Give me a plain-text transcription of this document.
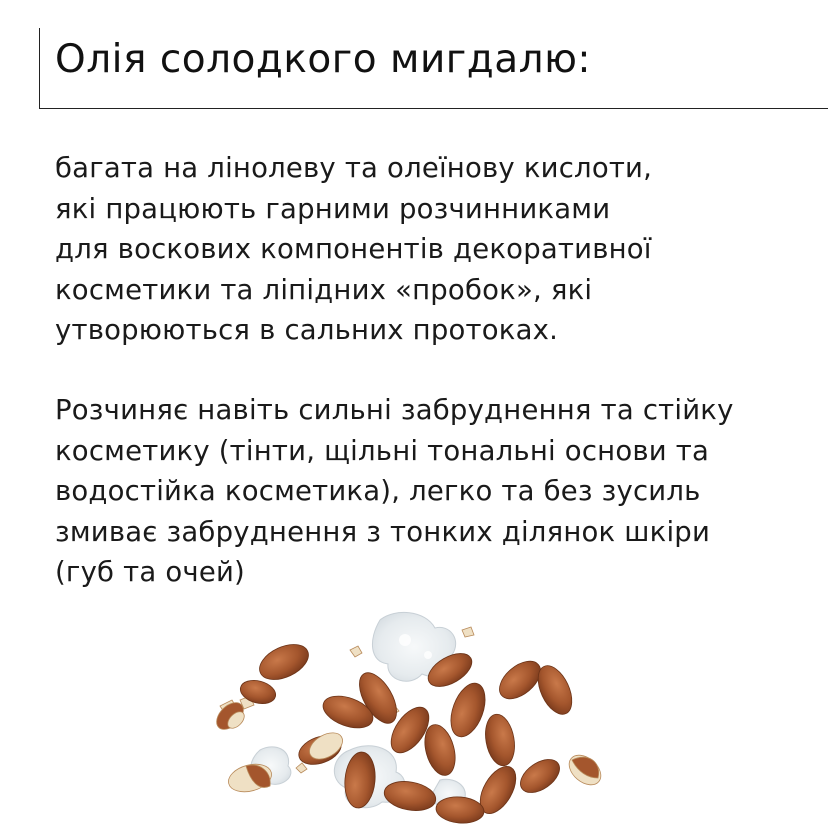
Олія солодкого мигдалю:
багата на лінолеву та олеїнову кислоти,
які працюють гарними розчинниками
для воскових компонентів декоративної
косметики та ліпідних «пробок», які
утворюються в сальних протоках.
Розчиняє навіть сильні забруднення та стійку
косметику (тінти, щільні тональні основи та
водостійка косметика), легко та без зусиль
змиває забруднення з тонких ділянок шкіри
(губ та очей)
